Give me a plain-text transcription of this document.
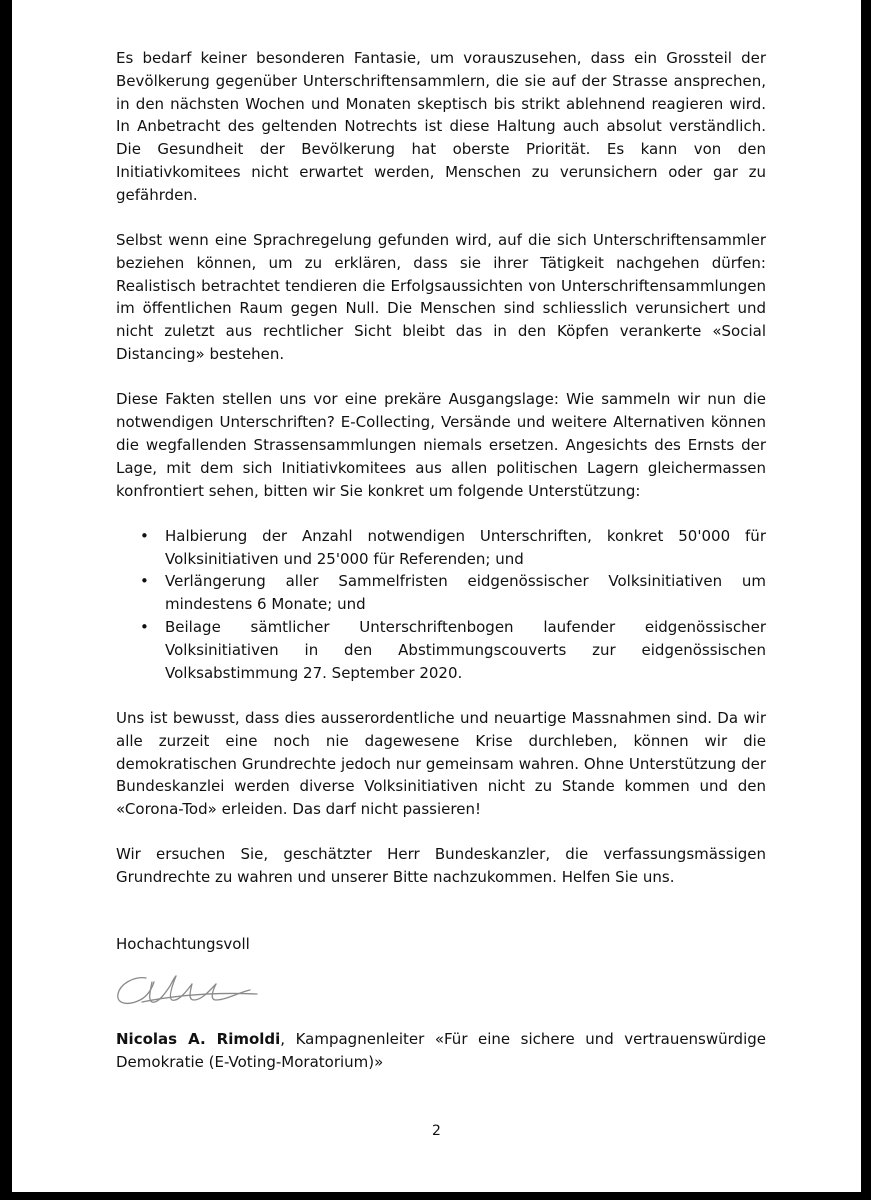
Es bedarf keiner besonderen Fantasie, um vorauszusehen, dass ein Grossteil der Bevölkerung gegenüber Unterschriftensammlern, die sie auf der Strasse ansprechen, in den nächsten Wochen und Monaten skeptisch bis strikt ablehnend reagieren wird. In Anbetracht des geltenden Notrechts ist diese Haltung auch absolut verständlich. Die Gesundheit der Bevölkerung hat oberste Priorität. Es kann von den Initiativkomitees nicht erwartet werden, Menschen zu verunsichern oder gar zu gefährden.

Selbst wenn eine Sprachregelung gefunden wird, auf die sich Unterschriftensammler beziehen können, um zu erklären, dass sie ihrer Tätigkeit nachgehen dürfen: Realistisch betrachtet tendieren die Erfolgsaussichten von Unterschriftensammlungen im öffentlichen Raum gegen Null. Die Menschen sind schliesslich verunsichert und nicht zuletzt aus rechtlicher Sicht bleibt das in den Köpfen verankerte «Social Distancing» bestehen.

Diese Fakten stellen uns vor eine prekäre Ausgangslage: Wie sammeln wir nun die notwendigen Unterschriften? E-Collecting, Versände und weitere Alternativen können die wegfallenden Strassensammlungen niemals ersetzen. Angesichts des Ernsts der Lage, mit dem sich Initiativkomitees aus allen politischen Lagern gleichermassen konfrontiert sehen, bitten wir Sie konkret um folgende Unterstützung:

• Halbierung der Anzahl notwendigen Unterschriften, konkret 50'000 für Volksinitiativen und 25'000 für Referenden; und
• Verlängerung aller Sammelfristen eidgenössischer Volksinitiativen um mindestens 6 Monate; und
• Beilage sämtlicher Unterschriftenbogen laufender eidgenössischer Volksinitiativen in den Abstimmungscouverts zur eidgenössischen Volksabstimmung 27. September 2020.

Uns ist bewusst, dass dies ausserordentliche und neuartige Massnahmen sind. Da wir alle zurzeit eine noch nie dagewesene Krise durchleben, können wir die demokratischen Grundrechte jedoch nur gemeinsam wahren. Ohne Unterstützung der Bundeskanzlei werden diverse Volksinitiativen nicht zu Stande kommen und den «Corona-Tod» erleiden. Das darf nicht passieren!

Wir ersuchen Sie, geschätzter Herr Bundeskanzler, die verfassungsmässigen Grundrechte zu wahren und unserer Bitte nachzukommen. Helfen Sie uns.

Hochachtungsvoll

Nicolas A. Rimoldi, Kampagnenleiter «Für eine sichere und vertrauenswürdige Demokratie (E-Voting-Moratorium)»

2
